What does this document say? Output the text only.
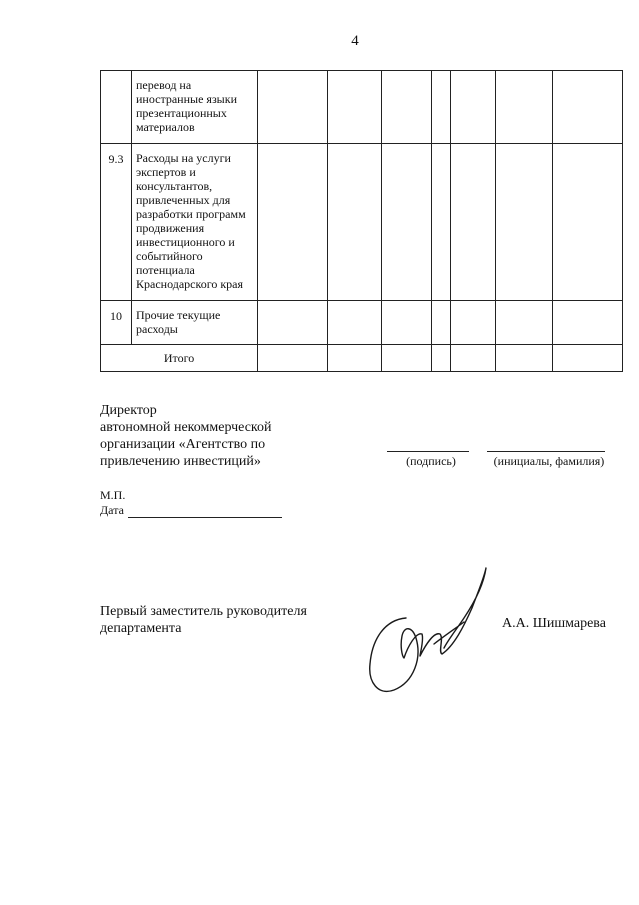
4
	перевод на иностранные языки презентационных материалов							
9.3	Расходы на услуги экспертов и консультантов, привлеченных для разработки программ продвижения инвестиционного и событийного потенциала Краснодарского края							
10	Прочие текущие расходы							
Итого								
Директор
автономной некоммерческой
организации «Агентство по
привлечению инвестиций»	(подпись)	(инициалы, фамилия)
М.П.
Дата
Первый заместитель руководителя
департамента	А.А. Шишмарева
